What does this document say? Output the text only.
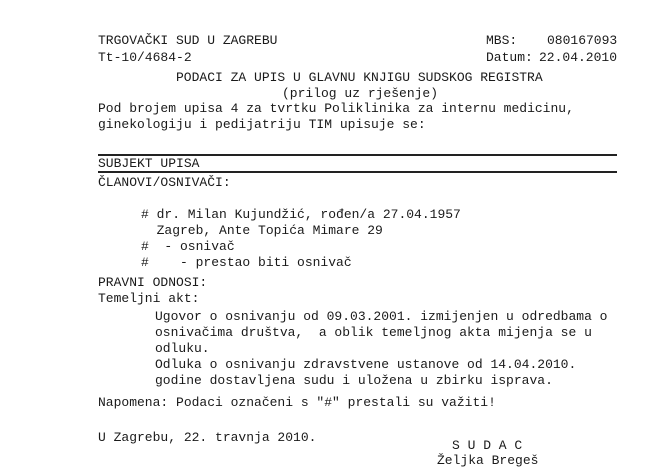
TRGOVAČKI SUD U ZAGREBU
Tt-10/4684-2
MBS: 080167093
Datum: 22.04.2010
PODACI ZA UPIS U GLAVNU KNJIGU SUDSKOG REGISTRA
(prilog uz rješenje)
Pod brojem upisa 4 za tvrtku Poliklinika za internu medicinu,
ginekologiju i pedijatriju TIM upisuje se:
SUBJEKT UPISA
ČLANOVI/OSNIVAČI:
# dr. Milan Kujundžić, rođen/a 27.04.1957
Zagreb, Ante Topića Mimare 29
#  - osnivač
#    - prestao biti osnivač
PRAVNI ODNOSI:
Temeljni akt:
Ugovor o osnivanju od 09.03.2001. izmijenjen u odredbama o
osnivačima društva,  a oblik temeljnog akta mijenja se u
odluku.
Odluka o osnivanju zdravstvene ustanove od 14.04.2010.
godine dostavljena sudu i uložena u zbirku isprava.
Napomena: Podaci označeni s "#" prestali su važiti!
U Zagrebu, 22. travnja 2010.
S U D A C
Željka Bregeš
